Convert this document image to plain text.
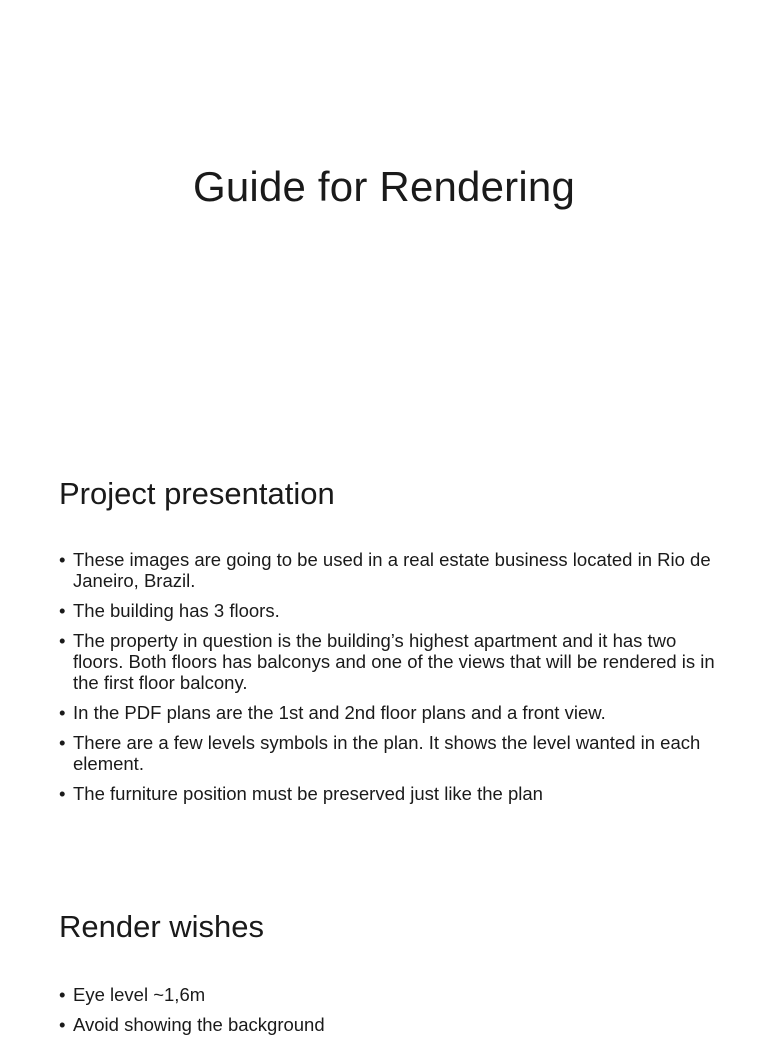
Guide for Rendering
Project presentation
• These images are going to be used in a real estate business located in Rio de Janeiro, Brazil.
• The building has 3 floors.
• The property in question is the building’s highest apartment and it has two floors. Both floors has balconys and one of the views that will be rendered is in the first floor balcony.
• In the PDF plans are the 1st and 2nd floor plans and a front view.
• There are a few levels symbols in the plan. It shows the level wanted in each element.
• The furniture position must be preserved just like the plan
Render wishes
• Eye level ~1,6m
• Avoid showing the background
